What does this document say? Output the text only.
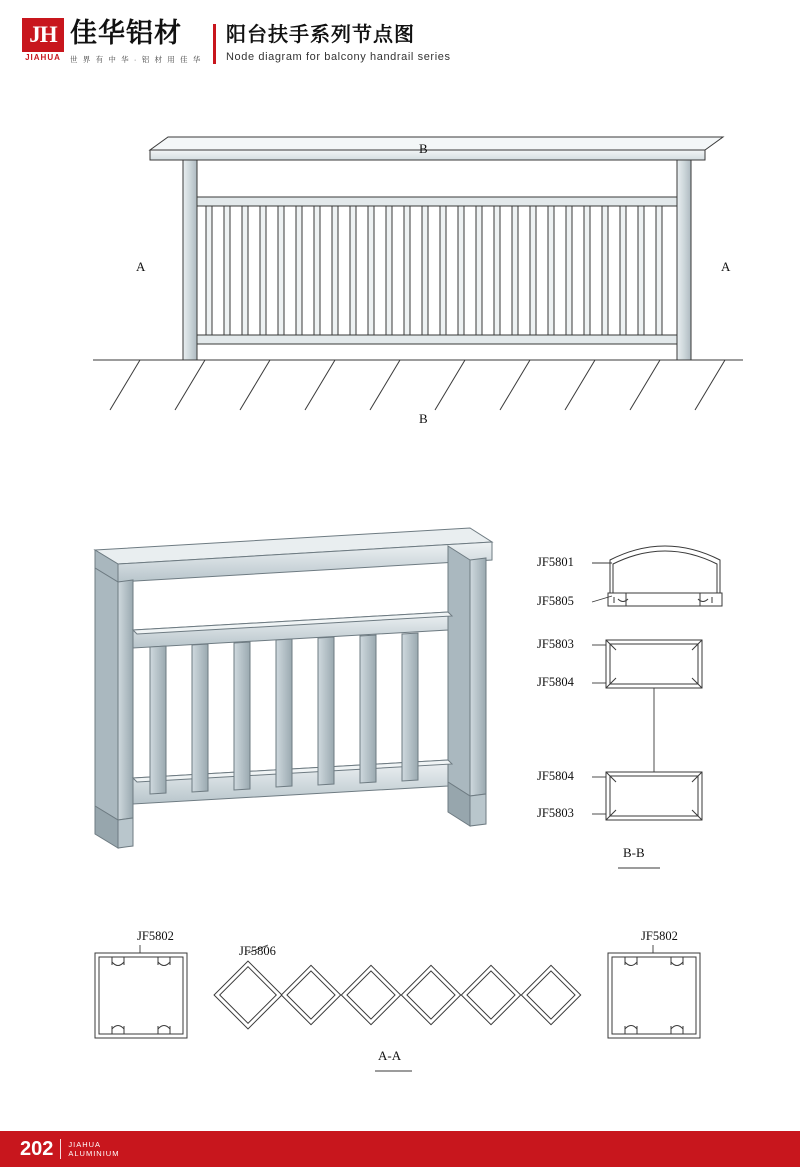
JH
JIAHUA
佳华铝材
世 界 有 中 华 · 铝 材 用 佳 华
阳台扶手系列节点图
Node diagram for balcony handrail series
B
B
A	A
JF5801
JF5805
JF5803
JF5804
JF5804
JF5803
B-B
JF5802
JF5806
JF5802
A-A
202 JIAHUA
ALUMINIUM
